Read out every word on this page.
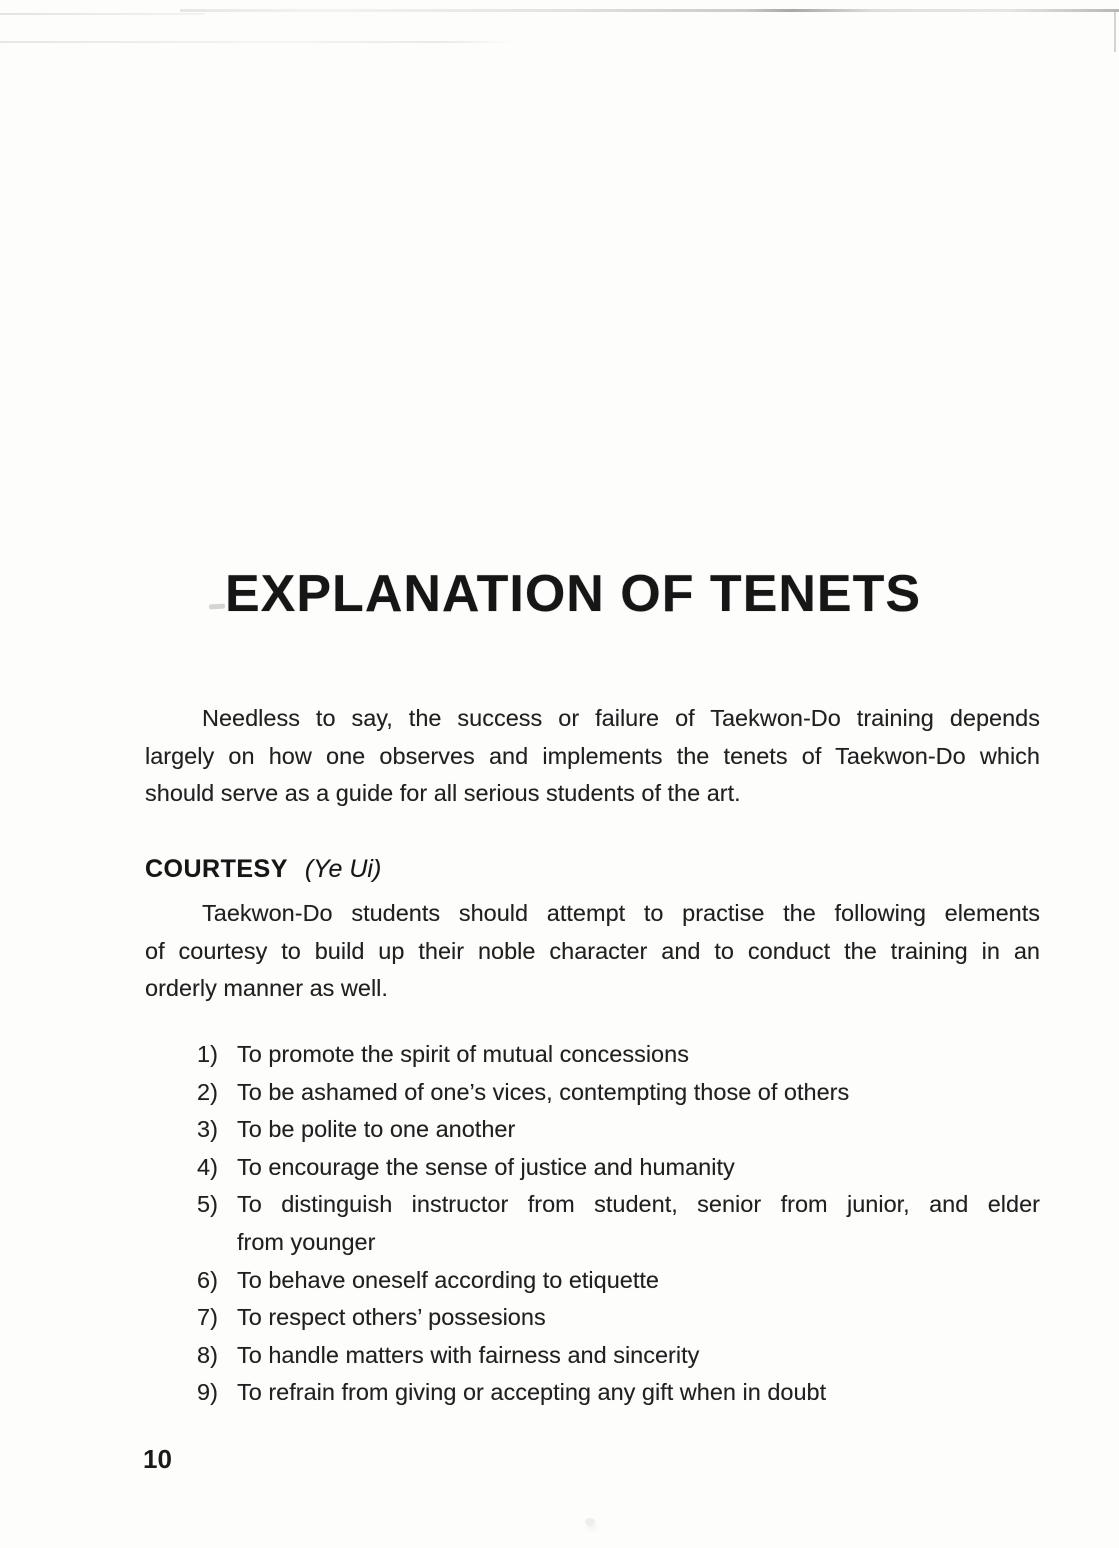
EXPLANATION OF TENETS
Needless to say, the success or failure of Taekwon-Do training depends
largely on how one observes and implements the tenets of Taekwon-Do which
should serve as a guide for all serious students of the art.
COURTESY (Ye Ui)
Taekwon-Do students should attempt to practise the following elements
of courtesy to build up their noble character and to conduct the training in an
orderly manner as well.
1) To promote the spirit of mutual concessions
2) To be ashamed of one’s vices, contempting those of others
3) To be polite to one another
4) To encourage the sense of justice and humanity
5) To distinguish instructor from student, senior from junior, and elder
from younger
6) To behave oneself according to etiquette
7) To respect others’ possesions
8) To handle matters with fairness and sincerity
9) To refrain from giving or accepting any gift when in doubt
10
